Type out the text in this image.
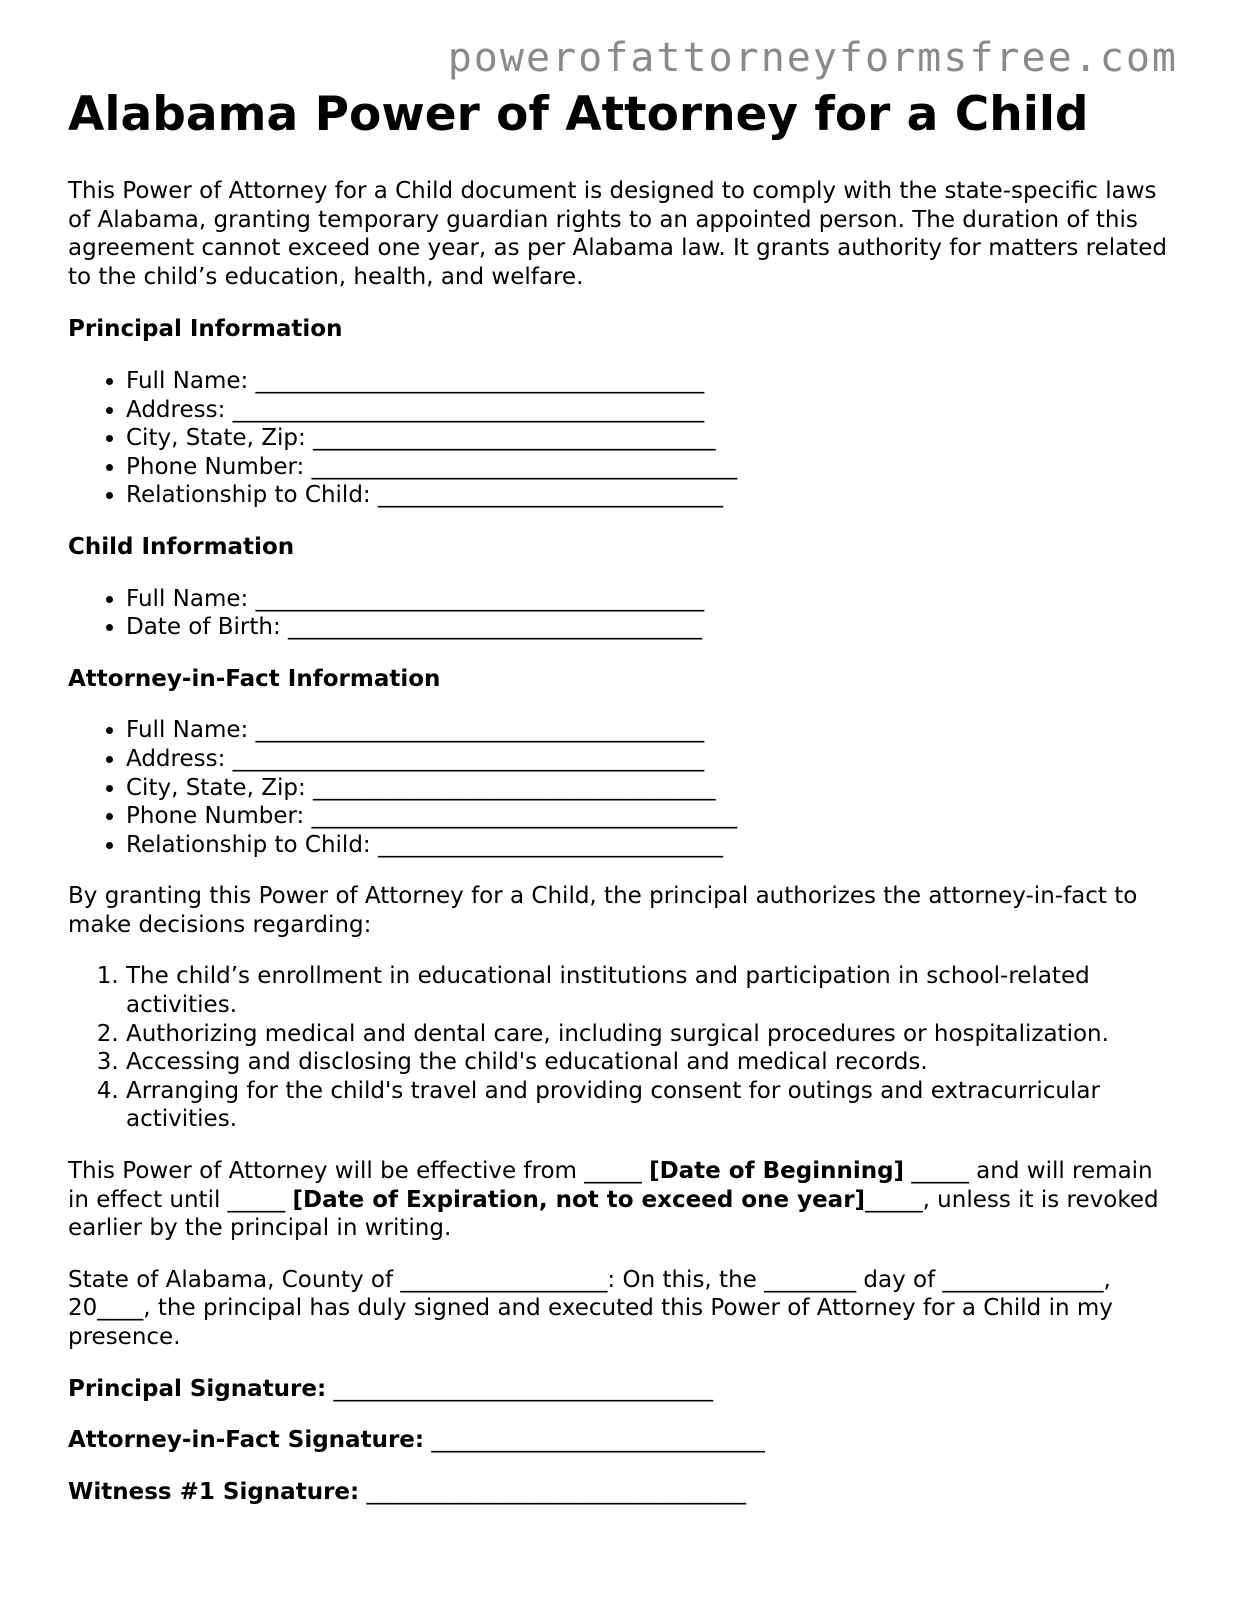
powerofattorneyformsfree.com
Alabama Power of Attorney for a Child

This Power of Attorney for a Child document is designed to comply with the state-specific laws of Alabama, granting temporary guardian rights to an appointed person. The duration of this agreement cannot exceed one year, as per Alabama law. It grants authority for matters related to the child’s education, health, and welfare.

Principal Information

• Full Name: _______________________________________
• Address: _________________________________________
• City, State, Zip: ___________________________________
• Phone Number: _____________________________________
• Relationship to Child: ______________________________

Child Information

• Full Name: _______________________________________
• Date of Birth: ____________________________________

Attorney-in-Fact Information

• Full Name: _______________________________________
• Address: _________________________________________
• City, State, Zip: ___________________________________
• Phone Number: _____________________________________
• Relationship to Child: ______________________________

By granting this Power of Attorney for a Child, the principal authorizes the attorney-in-fact to make decisions regarding:

1. The child’s enrollment in educational institutions and participation in school-related activities.
2. Authorizing medical and dental care, including surgical procedures or hospitalization.
3. Accessing and disclosing the child's educational and medical records.
4. Arranging for the child's travel and providing consent for outings and extracurricular activities.

This Power of Attorney will be effective from _____ [Date of Beginning] _____ and will remain in effect until _____ [Date of Expiration, not to exceed one year]_____, unless it is revoked earlier by the principal in writing.

State of Alabama, County of __________________: On this, the ________ day of ______________, 20____, the principal has duly signed and executed this Power of Attorney for a Child in my presence.

Principal Signature: _________________________________

Attorney-in-Fact Signature: _____________________________

Witness #1 Signature: _________________________________
